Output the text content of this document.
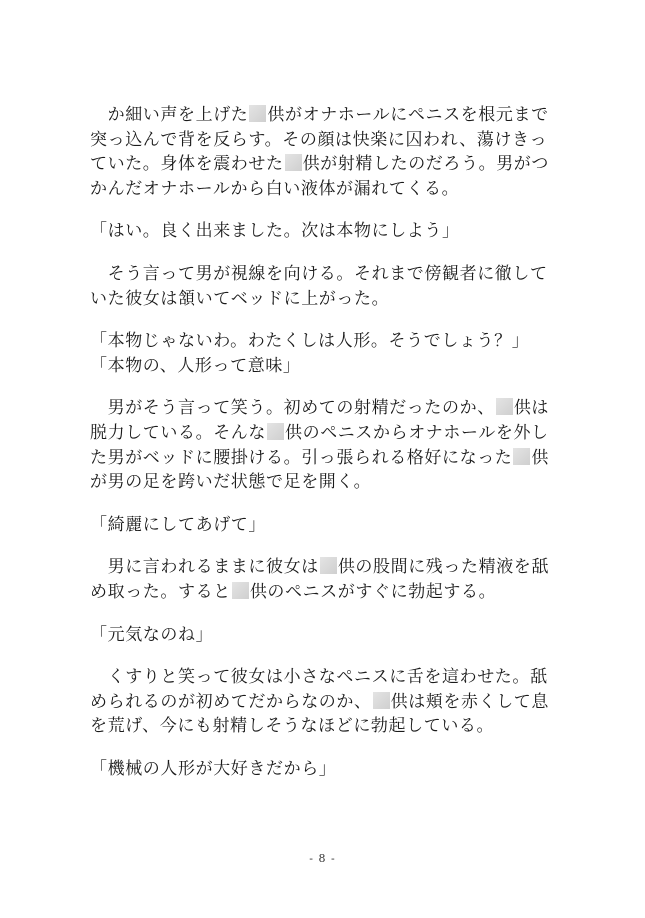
　か細い声を上げた 供がオナホールにペニスを根元まで
突っ込んで背を反らす。その顔は快楽に囚われ、蕩けきっ
ていた。身体を震わせた 供が射精したのだろう。男がつ
かんだオナホールから白い液体が漏れてくる。
「はい。良く出来ました。次は本物にしよう」
　そう言って男が視線を向ける。それまで傍観者に徹して
いた彼女は頷いてベッドに上がった。
「本物じゃないわ。わたくしは人形。そうでしょう？」
「本物の、人形って意味」
　男がそう言って笑う。初めての射精だったのか、 供は
脱力している。そんな 供のペニスからオナホールを外し
た男がベッドに腰掛ける。引っ張られる格好になった 供
が男の足を跨いだ状態で足を開く。
「綺麗にしてあげて」
　男に言われるままに彼女は 供の股間に残った精液を舐
め取った。すると 供のペニスがすぐに勃起する。
「元気なのね」
　くすりと笑って彼女は小さなペニスに舌を這わせた。舐
められるのが初めてだからなのか、 供は頬を赤くして息
を荒げ、今にも射精しそうなほどに勃起している。
「機械の人形が大好きだから」
- 8 -
